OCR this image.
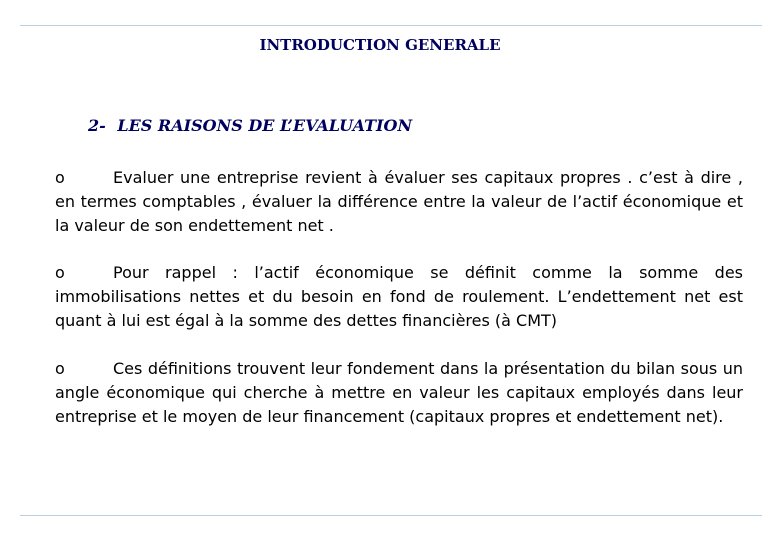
INTRODUCTION GENERALE
2- LES RAISONS DE L’EVALUATION
o	Evaluer une entreprise revient à évaluer ses capitaux propres . c’est à dire , en termes comptables , évaluer la différence entre la valeur de l’actif économique et la valeur de son endettement net .
o	Pour rappel : l’actif économique se définit comme la somme des immobilisations nettes et du besoin en fond de roulement. L’endettement net est quant à lui est égal à la somme des dettes financières (à CMT)
o	Ces définitions trouvent leur fondement dans la présentation du bilan sous un angle économique qui cherche à mettre en valeur les capitaux employés dans leur entreprise et le moyen de leur financement (capitaux propres et endettement net).
